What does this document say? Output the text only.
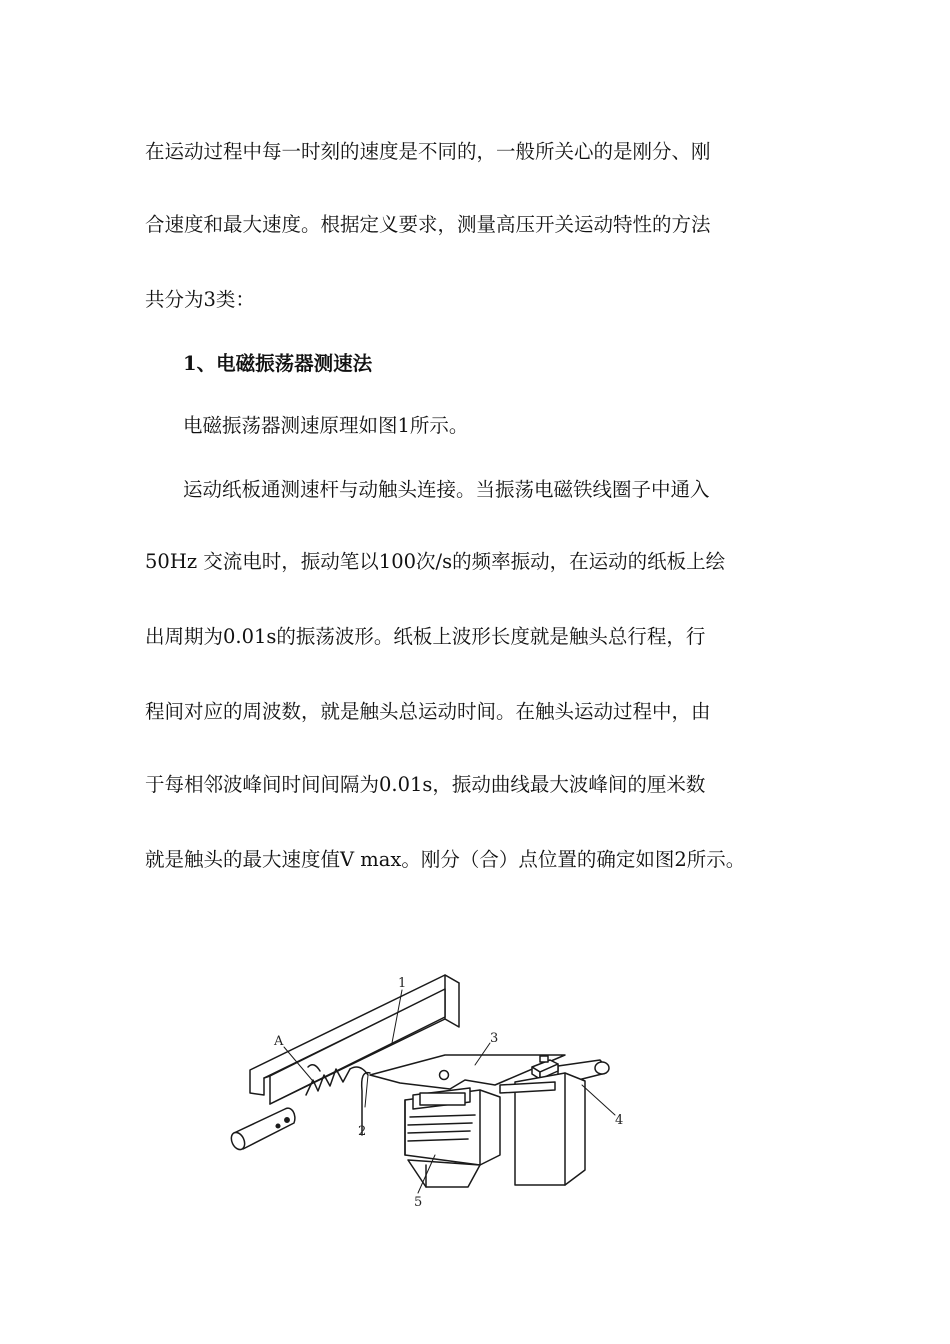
在运动过程中每一时刻的速度是不同的，一般所关心的是刚分、刚
合速度和最大速度。根据定义要求，测量高压开关运动特性的方法
共分为3类：
1、电磁振荡器测速法
电磁振荡器测速原理如图1所示。
运动纸板通测速杆与动触头连接。当振荡电磁铁线圈子中通入
50Hz 交流电时，振动笔以100次/s的频率振动，在运动的纸板上绘
出周期为0.01s的振荡波形。纸板上波形长度就是触头总行程，行
程间对应的周波数，就是触头总运动时间。在触头运动过程中，由
于每相邻波峰间时间间隔为0.01s，振动曲线最大波峰间的厘米数
就是触头的最大速度值V max。刚分（合）点位置的确定如图2所示。
1
A
2
3
4
5
